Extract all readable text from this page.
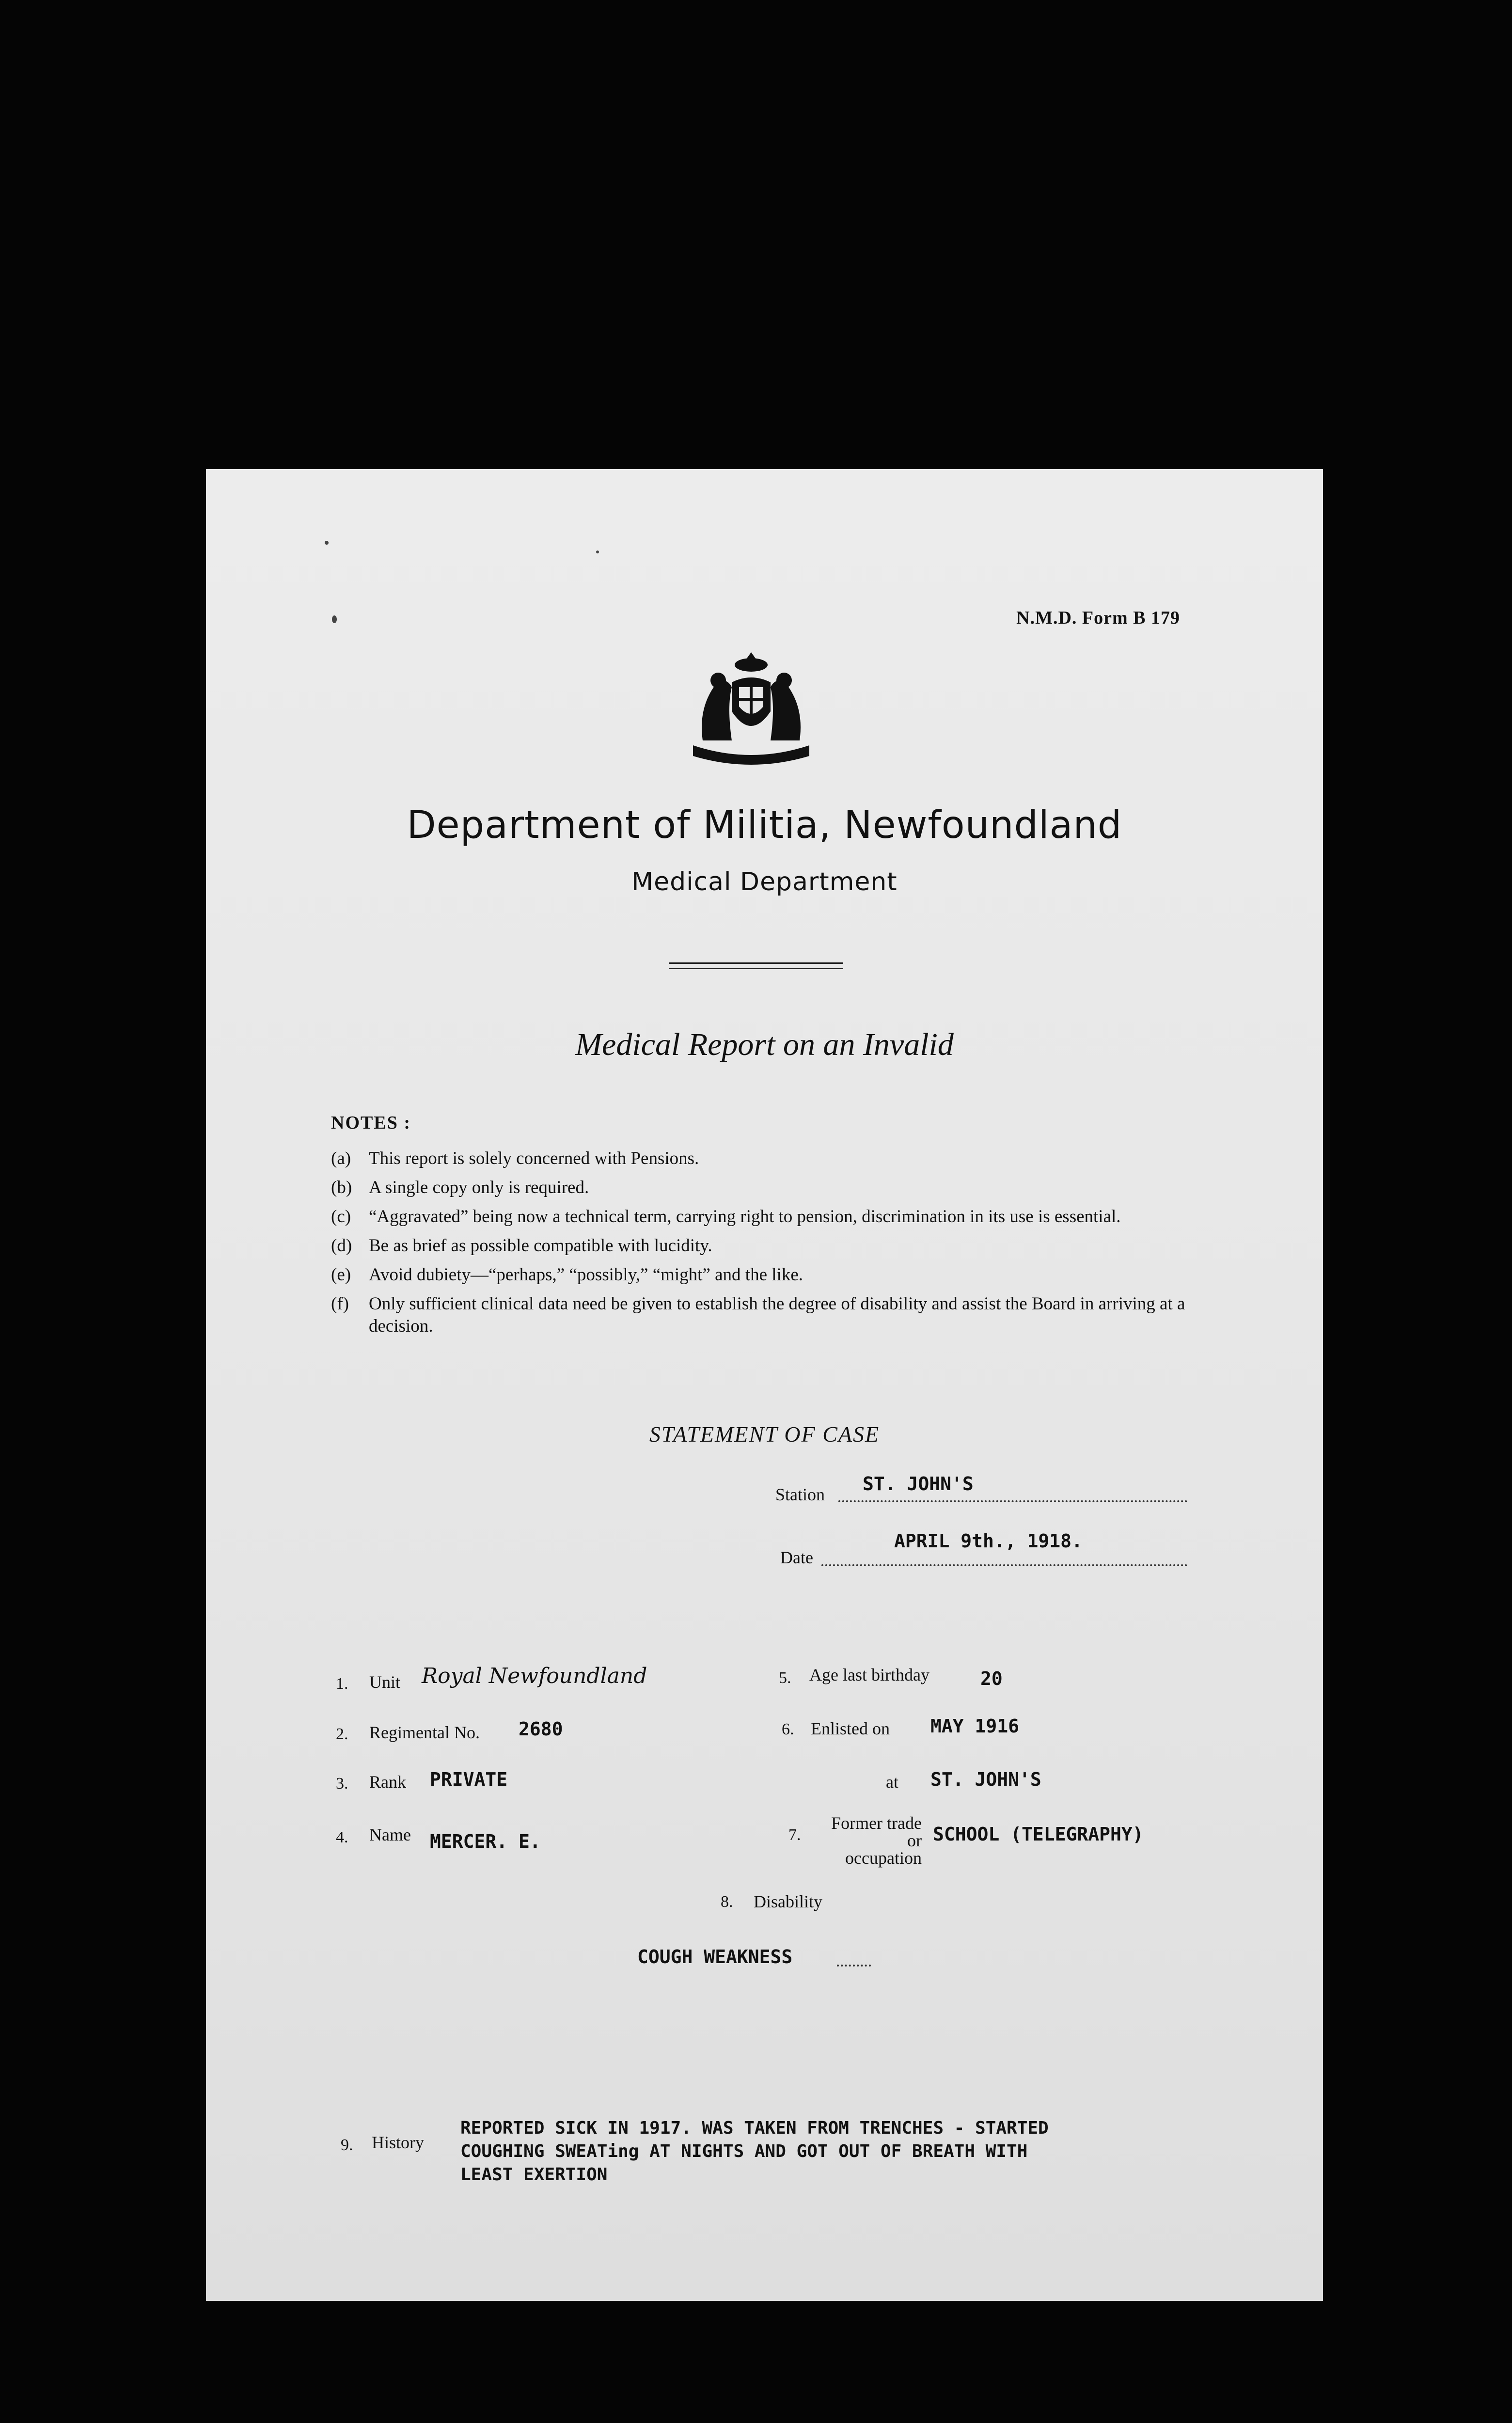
N.M.D. Form B 179
Department of Militia, Newfoundland
Medical Department
Medical Report on an Invalid
NOTES :
(a) This report is solely concerned with Pensions.
(b) A single copy only is required.
(c) “Aggravated” being now a technical term, carrying right to pension, discrimination in its use is essential.
(d) Be as brief as possible compatible with lucidity.
(e) Avoid dubiety—“perhaps,” “possibly,” “might” and the like.
(f)	Only sufficient clinical data need be given to establish the degree of disability and assist the Board in arriving at a decision.
STATEMENT OF CASE
Station ST. JOHN'S
APRIL 9th., 1918.
Date
1. Unit Royal Newfoundland
2. Regimental No. 2680
3. Rank PRIVATE
4. Name MERCER. E.
5. Age last birthday	20
6. Enlisted on MAY 1916
at ST. JOHN'S
7.
Former trade or
occupation
SCHOOL (TELEGRAPHY)
8. Disability
COUGH WEAKNESS
9. History
REPORTED SICK IN 1917. WAS TAKEN FROM TRENCHES - STARTED
COUGHING SWEATing AT NIGHTS AND GOT OUT OF BREATH WITH
LEAST EXERTION
